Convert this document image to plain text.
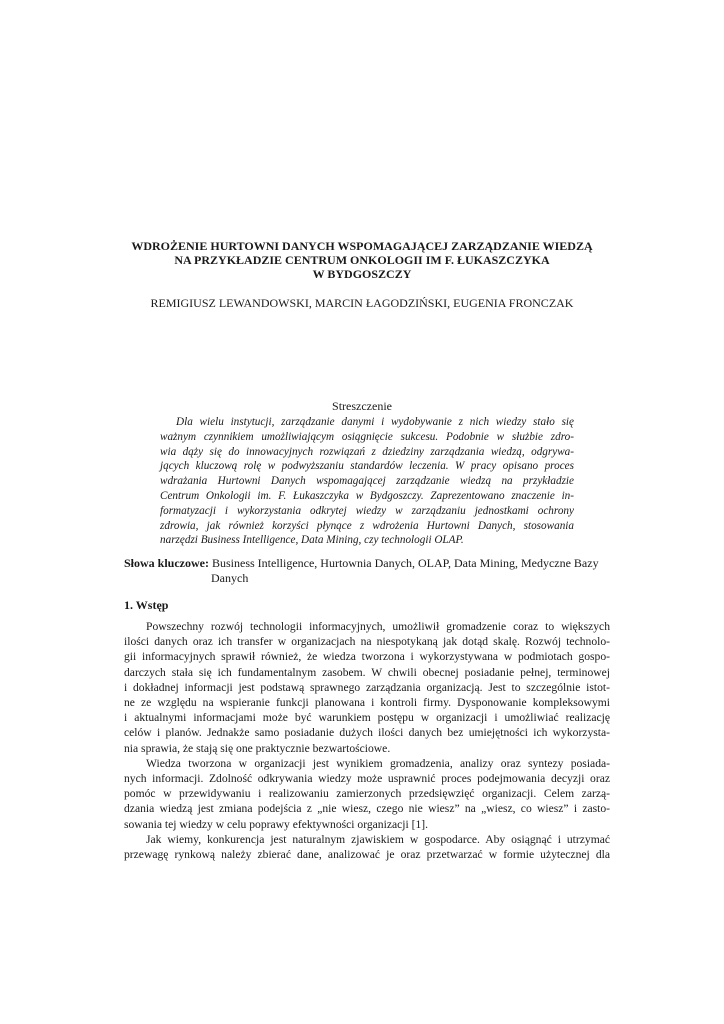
WDROŻENIE HURTOWNI DANYCH WSPOMAGAJĄCEJ ZARZĄDZANIE WIEDZĄ
NA PRZYKŁADZIE CENTRUM ONKOLOGII IM F. ŁUKASZCZYKA
W BYDGOSZCZY
REMIGIUSZ LEWANDOWSKI, MARCIN ŁAGODZIŃSKI, EUGENIA FRONCZAK
Streszczenie
Dla wielu instytucji, zarządzanie danymi i wydobywanie z nich wiedzy stało się
ważnym czynnikiem umożliwiającym osiągnięcie sukcesu. Podobnie w służbie zdro-
wia dąży się do innowacyjnych rozwiązań z dziedziny zarządzania wiedzą, odgrywa-
jących kluczową rolę w podwyższaniu standardów leczenia. W pracy opisano proces
wdrażania Hurtowni Danych wspomagającej zarządzanie wiedzą na przykładzie
Centrum Onkologii im. F. Łukaszczyka w Bydgoszczy. Zaprezentowano znaczenie in-
formatyzacji i wykorzystania odkrytej wiedzy w zarządzaniu jednostkami ochrony
zdrowia, jak również korzyści płynące z wdrożenia Hurtowni Danych, stosowania
narzędzi Business Intelligence, Data Mining, czy technologii OLAP.
Słowa kluczowe: Business Intelligence, Hurtownia Danych, OLAP, Data Mining, Medyczne Bazy
Danych
1. Wstęp
Powszechny rozwój technologii informacyjnych, umożliwił gromadzenie coraz to większych
ilości danych oraz ich transfer w organizacjach na niespotykaną jak dotąd skalę. Rozwój technolo-
gii informacyjnych sprawił również, że wiedza tworzona i wykorzystywana w podmiotach gospo-
darczych stała się ich fundamentalnym zasobem. W chwili obecnej posiadanie pełnej, terminowej
i dokładnej informacji jest podstawą sprawnego zarządzania organizacją. Jest to szczególnie istot-
ne ze względu na wspieranie funkcji planowana i kontroli firmy. Dysponowanie kompleksowymi
i aktualnymi informacjami może być warunkiem postępu w organizacji i umożliwiać realizację
celów i planów. Jednakże samo posiadanie dużych ilości danych bez umiejętności ich wykorzysta-
nia sprawia, że stają się one praktycznie bezwartościowe.
Wiedza tworzona w organizacji jest wynikiem gromadzenia, analizy oraz syntezy posiada-
nych informacji. Zdolność odkrywania wiedzy może usprawnić proces podejmowania decyzji oraz
pomóc w przewidywaniu i realizowaniu zamierzonych przedsięwzięć organizacji. Celem zarzą-
dzania wiedzą jest zmiana podejścia z „nie wiesz, czego nie wiesz” na „wiesz, co wiesz” i zasto-
sowania tej wiedzy w celu poprawy efektywności organizacji [1].
Jak wiemy, konkurencja jest naturalnym zjawiskiem w gospodarce. Aby osiągnąć i utrzymać
przewagę rynkową należy zbierać dane, analizować je oraz przetwarzać w formie użytecznej dla
